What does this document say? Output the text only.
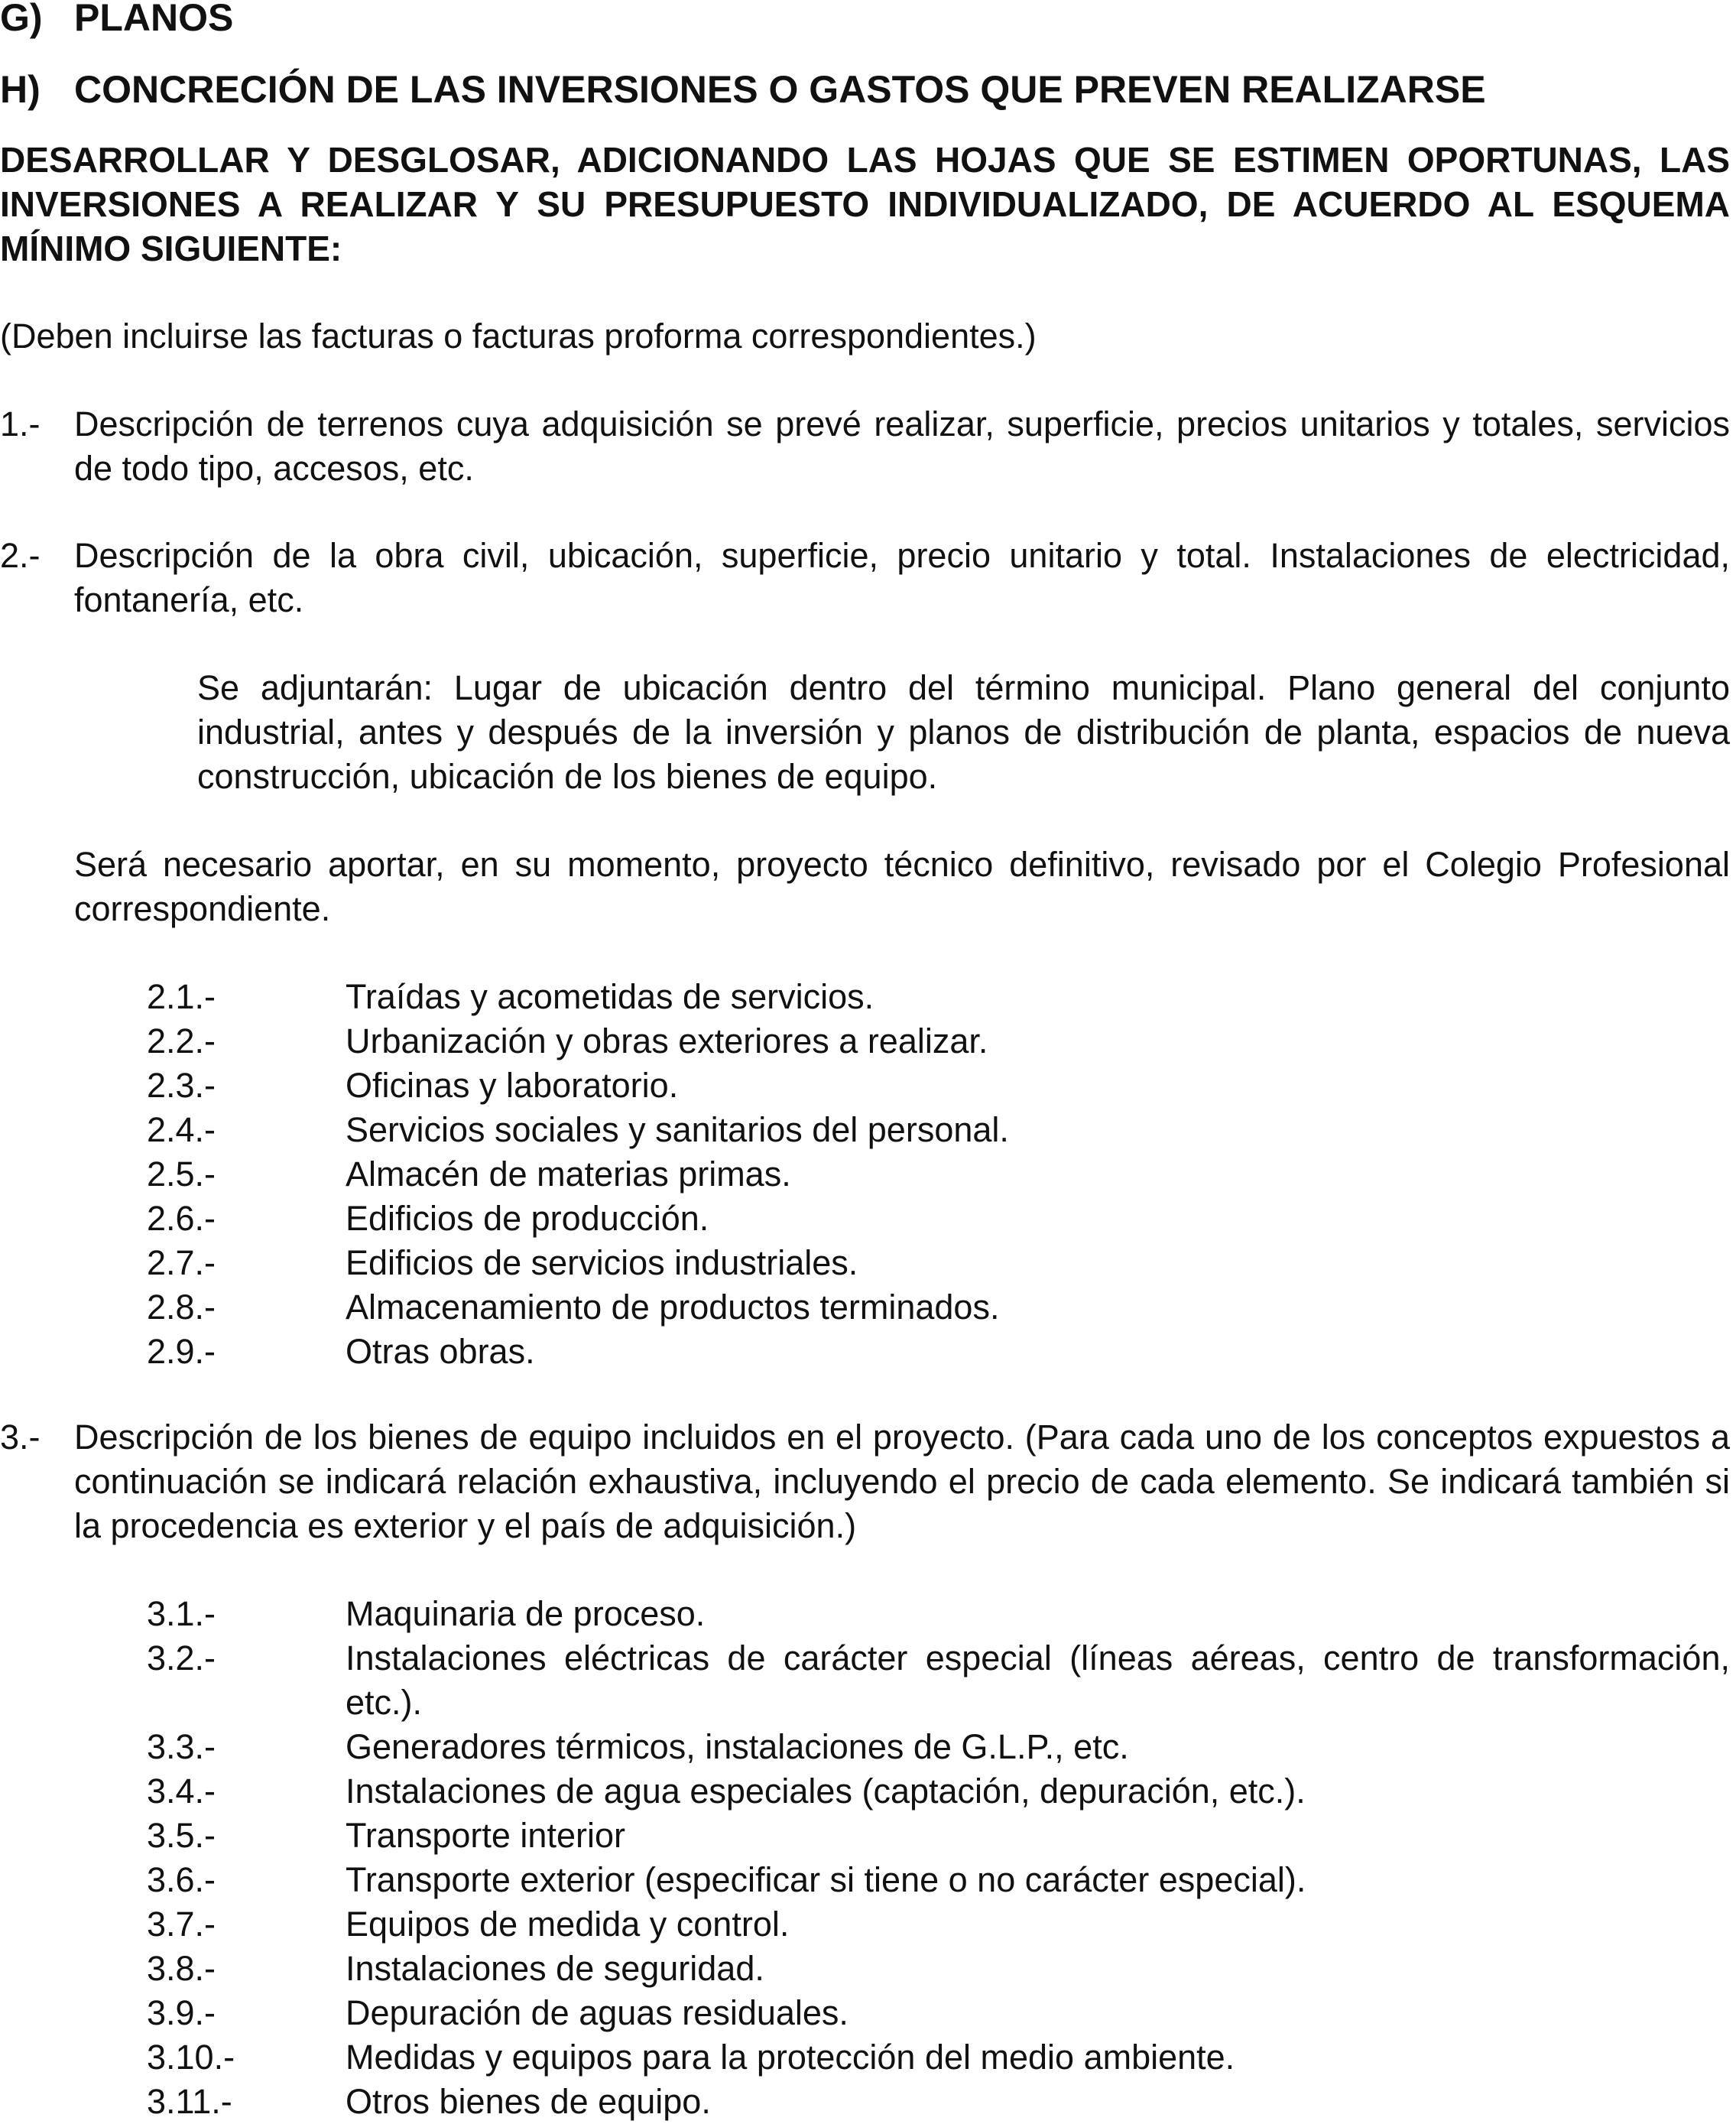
G) PLANOS
H) CONCRECIÓN DE LAS INVERSIONES O GASTOS QUE PREVEN REALIZARSE

DESARROLLAR Y DESGLOSAR, ADICIONANDO LAS HOJAS QUE SE ESTIMEN OPORTUNAS, LAS INVERSIONES A REALIZAR Y SU PRESUPUESTO INDIVIDUALIZADO, DE ACUERDO AL ESQUEMA MÍNIMO SIGUIENTE:

(Deben incluirse las facturas o facturas proforma correspondientes.)

1.- Descripción de terrenos cuya adquisición se prevé realizar, superficie, precios unitarios y totales, servicios de todo tipo, accesos, etc.
2.- Descripción de la obra civil, ubicación, superficie, precio unitario y total. Instalaciones de electricidad, fontanería, etc.

Se adjuntarán: Lugar de ubicación dentro del término municipal. Plano general del conjunto industrial, antes y después de la inversión y planos de distribución de planta, espacios de nueva construcción, ubicación de los bienes de equipo.

Será necesario aportar, en su momento, proyecto técnico definitivo, revisado por el Colegio Profesional correspondiente.

2.1.-	Traídas y acometidas de servicios.
2.2.-	Urbanización y obras exteriores a realizar.
2.3.-	Oficinas y laboratorio.
2.4.-	Servicios sociales y sanitarios del personal.
2.5.-	Almacén de materias primas.
2.6.-	Edificios de producción.
2.7.-	Edificios de servicios industriales.
2.8.-	Almacenamiento de productos terminados.
2.9.-	Otras obras.
3.- Descripción de los bienes de equipo incluidos en el proyecto. (Para cada uno de los conceptos expuestos a continuación se indicará relación exhaustiva, incluyendo el precio de cada elemento. Se indicará también si la procedencia es exterior y el país de adquisición.)
3.1.-	Maquinaria de proceso.
3.2.-	Instalaciones eléctricas de carácter especial (líneas aéreas, centro de transformación, etc.).
3.3.-	Generadores térmicos, instalaciones de G.L.P., etc.
3.4.-	Instalaciones de agua especiales (captación, depuración, etc.).
3.5.-	Transporte interior
3.6.-	Transporte exterior (especificar si tiene o no carácter especial).
3.7.-	Equipos de medida y control.
3.8.-	Instalaciones de seguridad.
3.9.-	Depuración de aguas residuales.
3.10.-	Medidas y equipos para la protección del medio ambiente.
3.11.-	Otros bienes de equipo.
